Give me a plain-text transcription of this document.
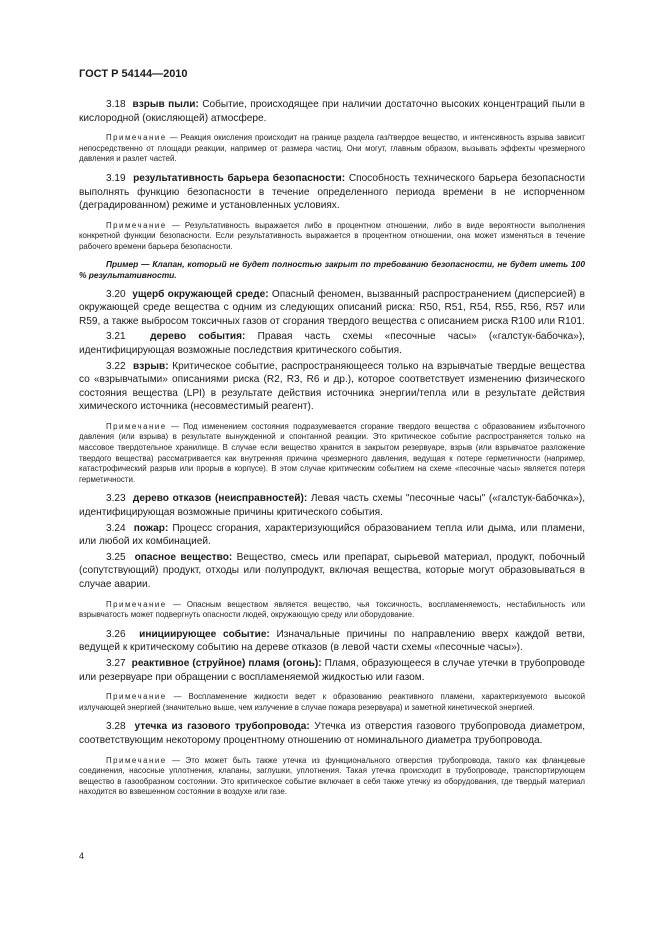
ГОСТ Р 54144—2010

3.18 взрыв пыли: Событие, происходящее при наличии достаточно высоких концентраций пыли в кислородной (окисляющей) атмосфере.

Примечание — Реакция окисления происходит на границе раздела газ/твердое вещество, и интенсивность взрыва зависит непосредственно от площади реакции, например от размера частиц. Они могут, главным образом, вызывать эффекты чрезмерного давления и разлет частей.

3.19 результативность барьера безопасности: Способность технического барьера безопасности выполнять функцию безопасности в течение определенного периода времени в не испорченном (деградированном) режиме и установленных условиях.

Примечание — Результативность выражается либо в процентном отношении, либо в виде вероятности выполнения конкретной функции безопасности. Если результативность выражается в процентном отношении, она может изменяться в течение рабочего времени барьера безопасности.

Пример — Клапан, который не будет полностью закрыт по требованию безопасности, не будет иметь 100 % результативности.

3.20 ущерб окружающей среде: Опасный феномен, вызванный распространением (дисперсией) в окружающей среде вещества с одним из следующих описаний риска: R50, R51, R54, R55, R56, R57 или R59, а также выбросом токсичных газов от сгорания твердого вещества с описанием риска R100 или R101.

3.21 дерево события: Правая часть схемы «песочные часы» («галстук-бабочка»), идентифицирующая возможные последствия критического события.

3.22 взрыв: Критическое событие, распространяющееся только на взрывчатые твердые вещества со «взрывчатыми» описаниями риска (R2, R3, R6 и др.), которое соответствует изменению физического состояния вещества (LPI) в результате действия источника энергии/тепла или в результате действия химического источника (несовместимый реагент).

Примечание — Под изменением состояния подразумевается сгорание твердого вещества с образованием избыточного давления (или взрыва) в результате вынужденной и спонтанной реакции. Это критическое событие распространяется только на массовое твердотельное хранилище. В случае если вещество хранится в закрытом резервуаре, взрыв (или взрывчатое разложение твердого вещества) рассматривается как внутренняя причина чрезмерного давления, ведущая к потере герметичности (например, катастрофический разрыв или прорыв в корпусе). В этом случае критическим событием на схеме «песочные часы» является потеря герметичности.

3.23 дерево отказов (неисправностей): Левая часть схемы "песочные часы" («галстук-бабочка»), идентифицирующая возможные причины критического события.

3.24 пожар: Процесс сгорания, характеризующийся образованием тепла или дыма, или пламени, или любой их комбинацией.

3.25 опасное вещество: Вещество, смесь или препарат, сырьевой материал, продукт, побочный (сопутствующий) продукт, отходы или полупродукт, включая вещества, которые могут образовываться в случае аварии.

Примечание — Опасным веществом является вещество, чья токсичность, воспламеняемость, нестабильность или взрывчатость может подвергнуть опасности людей, окружающую среду или оборудование.

3.26 инициирующее событие: Изначальные причины по направлению вверх каждой ветви, ведущей к критическому событию на дереве отказов (в левой части схемы «песочные часы»).

3.27 реактивное (струйное) пламя (огонь): Пламя, образующееся в случае утечки в трубопроводе или резервуаре при обращении с воспламеняемой жидкостью или газом.

Примечание — Воспламенение жидкости ведет к образованию реактивного пламени, характеризуемого высокой излучающей энергией (значительно выше, чем излучение в случае пожара резервуара) и заметной кинетической энергией.

3.28 утечка из газового трубопровода: Утечка из отверстия газового трубопровода диаметром, соответствующим некоторому процентному отношению от номинального диаметра трубопровода.

Примечание — Это может быть также утечка из функционального отверстия трубопровода, такого как фланцевые соединения, насосные уплотнения, клапаны, заглушки, уплотнения. Такая утечка происходит в трубопроводе, транспортирующем вещество в газообразном состоянии. Это критическое событие включает в себя также утечку из оборудования, где твердый материал находится во взвешенном состоянии в воздухе или газе.

4
